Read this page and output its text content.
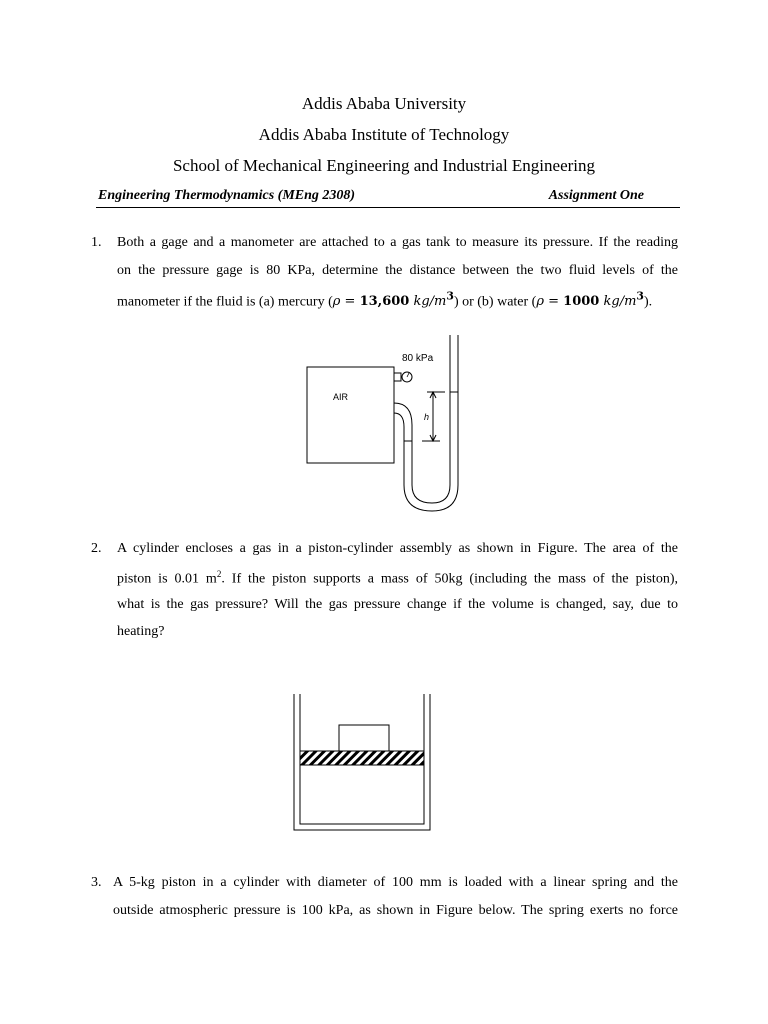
Addis Ababa University
Addis Ababa Institute of Technology
School of Mechanical Engineering and Industrial Engineering
Engineering Thermodynamics (MEng 2308)	Assignment One
1. Both a gage and a manometer are attached to a gas tank to measure its pressure. If the reading
on the pressure gage is 80 KPa, determine the distance between the two fluid levels of the
manometer if the fluid is (a) mercury (ρ = 13,600 $kg/m^3$) or (b) water (ρ = 1000 $kg/m^3$).
AIR
80 kPa
h
2. A cylinder encloses a gas in a piston-cylinder assembly as shown in Figure. The area of the
piston is 0.01 $m^2$. If the piston supports a mass of 50kg (including the mass of the piston),
what is the gas pressure? Will the gas pressure change if the volume is changed, say, due to
heating?
3. A 5-kg piston in a cylinder with diameter of 100 mm is loaded with a linear spring and the
outside atmospheric pressure is 100 kPa, as shown in Figure below. The spring exerts no force
